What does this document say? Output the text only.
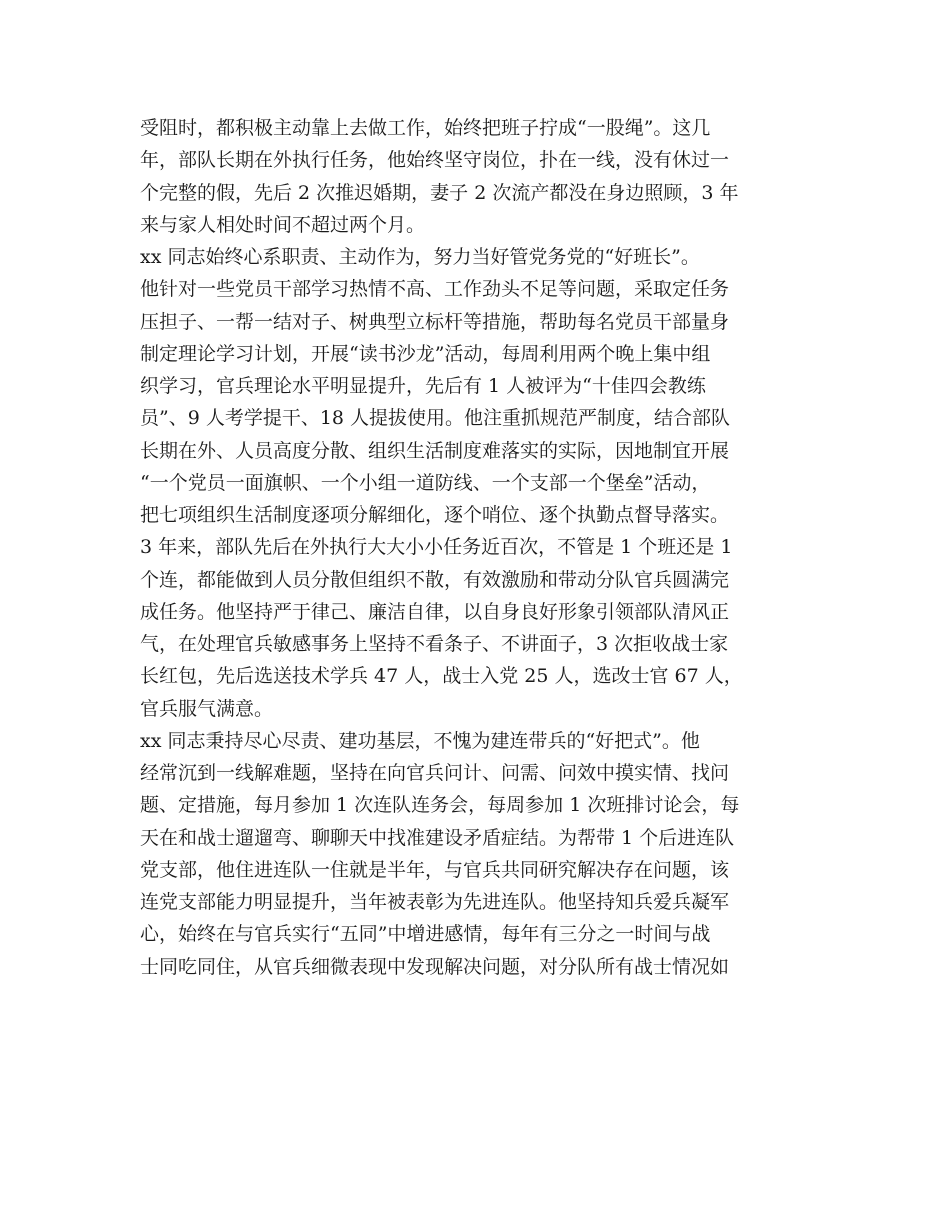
受阻时，都积极主动靠上去做工作，始终把班子拧成“一股绳”。这几
年，部队长期在外执行任务，他始终坚守岗位，扑在一线，没有休过一
个完整的假，先后 2 次推迟婚期，妻子 2 次流产都没在身边照顾，3 年
来与家人相处时间不超过两个月。
xx 同志始终心系职责、主动作为，努力当好管党务党的“好班长”。
他针对一些党员干部学习热情不高、工作劲头不足等问题，采取定任务
压担子、一帮一结对子、树典型立标杆等措施，帮助每名党员干部量身
制定理论学习计划，开展“读书沙龙”活动，每周利用两个晚上集中组
织学习，官兵理论水平明显提升，先后有 1 人被评为“十佳四会教练
员”、9 人考学提干、18 人提拔使用。他注重抓规范严制度，结合部队
长期在外、人员高度分散、组织生活制度难落实的实际，因地制宜开展
“一个党员一面旗帜、一个小组一道防线、一个支部一个堡垒”活动，
把七项组织生活制度逐项分解细化，逐个哨位、逐个执勤点督导落实。
3 年来，部队先后在外执行大大小小任务近百次，不管是 1 个班还是 1
个连，都能做到人员分散但组织不散，有效激励和带动分队官兵圆满完
成任务。他坚持严于律己、廉洁自律，以自身良好形象引领部队清风正
气，在处理官兵敏感事务上坚持不看条子、不讲面子，3 次拒收战士家
长红包，先后选送技术学兵 47 人，战士入党 25 人，选改士官 67 人，
官兵服气满意。
xx 同志秉持尽心尽责、建功基层，不愧为建连带兵的“好把式”。他
经常沉到一线解难题，坚持在向官兵问计、问需、问效中摸实情、找问
题、定措施，每月参加 1 次连队连务会，每周参加 1 次班排讨论会，每
天在和战士遛遛弯、聊聊天中找准建设矛盾症结。为帮带 1 个后进连队
党支部，他住进连队一住就是半年，与官兵共同研究解决存在问题，该
连党支部能力明显提升，当年被表彰为先进连队。他坚持知兵爱兵凝军
心，始终在与官兵实行“五同”中增进感情，每年有三分之一时间与战
士同吃同住，从官兵细微表现中发现解决问题，对分队所有战士情况如
